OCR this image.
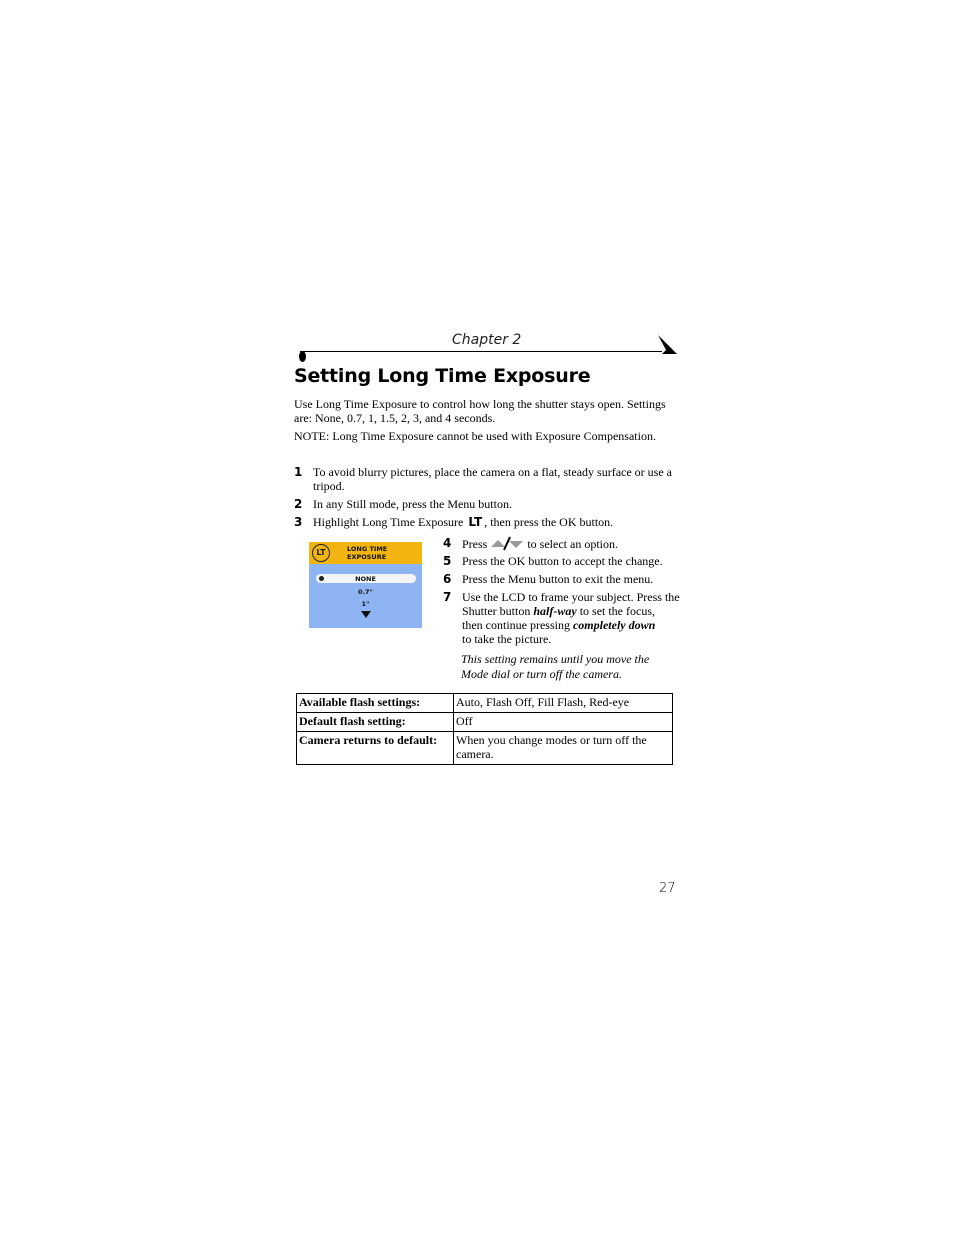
Chapter 2
Setting Long Time Exposure
Use Long Time Exposure to control how long the shutter stays open. Settings
are: None, 0.7, 1, 1.5, 2, 3, and 4 seconds.
NOTE: Long Time Exposure cannot be used with Exposure Compensation.
1 To avoid blurry pictures, place the camera on a flat, steady surface or use a
tripod.
2 In any Still mode, press the Menu button.
3 Highlight Long Time Exposure LT , then press the OK button.
LT	LONG TIME
EXPOSURE
NONE
0.7"
1"
4 Press	to select an option.
5 Press the OK button to accept the change.
6 Press the Menu button to exit the menu.
7 Use the LCD to frame your subject. Press the
Shutter button half-way to set the focus,
then continue pressing completely down
to take the picture.
This setting remains until you move the
Mode dial or turn off the camera.
Available flash settings:	Auto, Flash Off, Fill Flash, Red-eye
Default flash setting:	Off
Camera returns to default:	When you change modes or turn off the camera.
27
